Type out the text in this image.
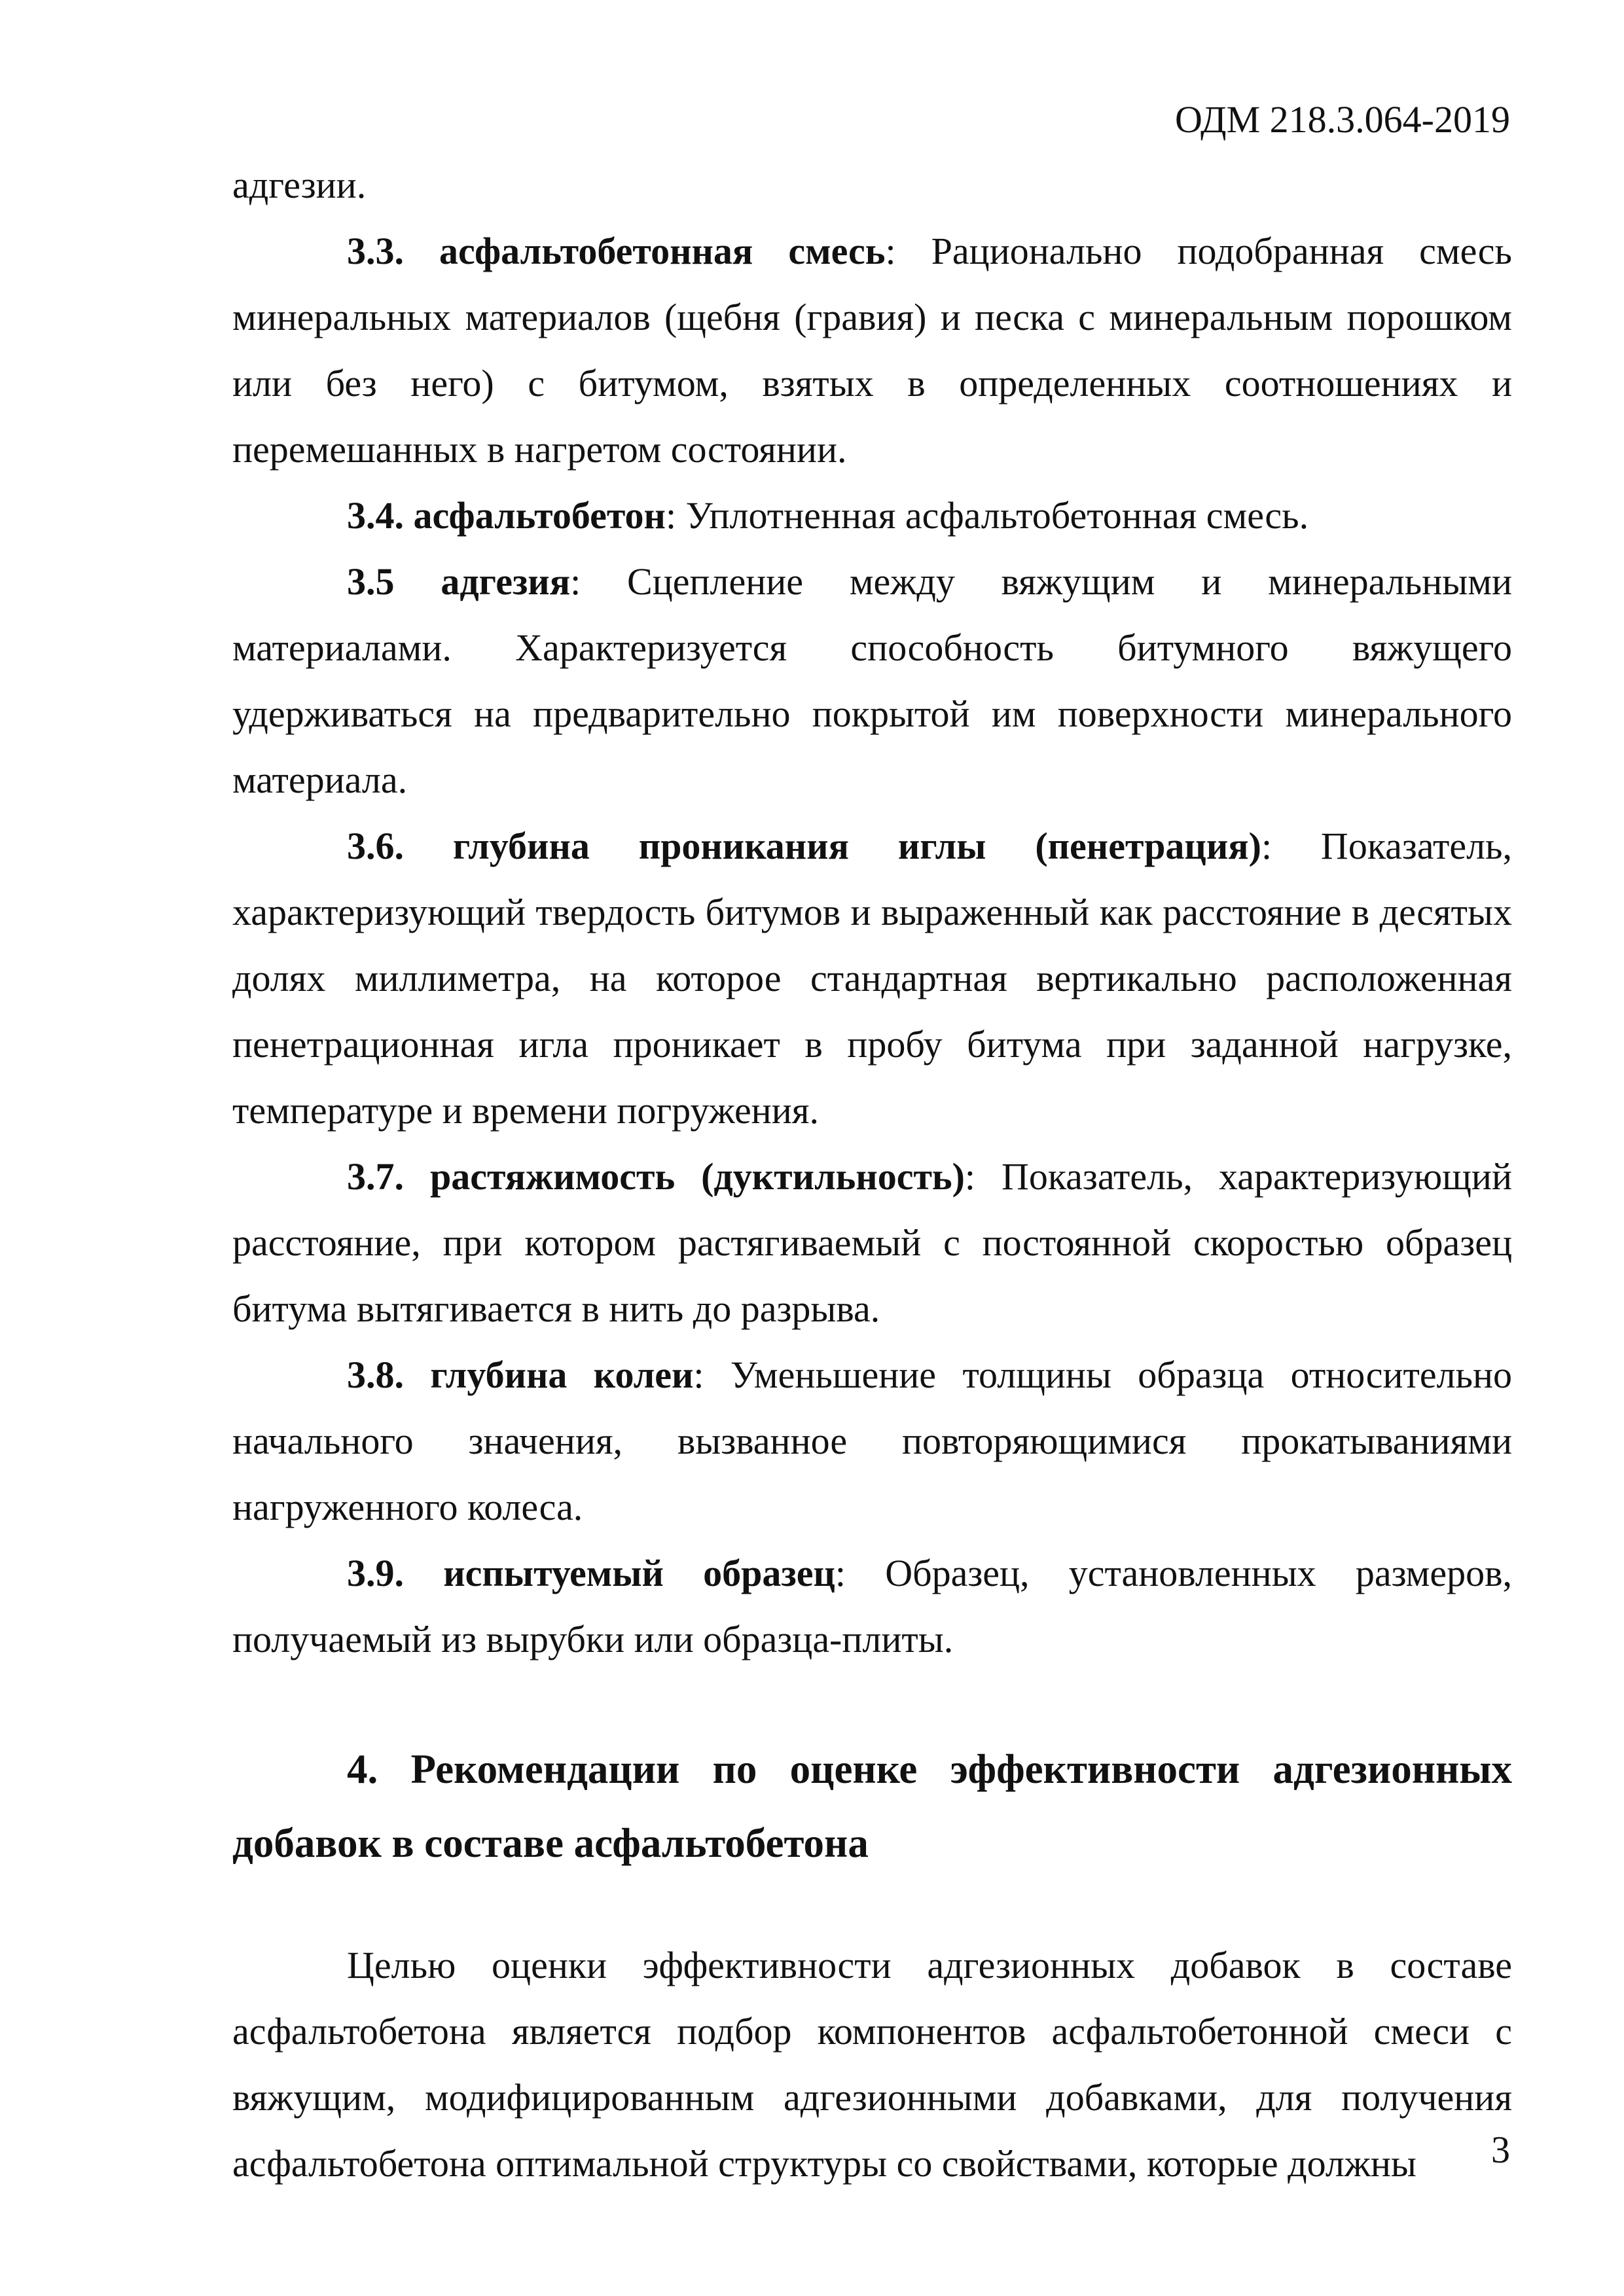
ОДМ 218.3.064-2019

адгезии.

3.3. асфальтобетонная смесь: Рационально подобранная смесь минеральных материалов (щебня (гравия) и песка с минеральным порошком или без него) с битумом, взятых в определенных соотношениях и перемешанных в нагретом состоянии.

3.4. асфальтобетон: Уплотненная асфальтобетонная смесь.

3.5 адгезия: Сцепление между вяжущим и минеральными материалами. Характеризуется способность битумного вяжущего удерживаться на предварительно покрытой им поверхности минерального материала.

3.6. глубина проникания иглы (пенетрация): Показатель, характеризующий твердость битумов и выраженный как расстояние в десятых долях миллиметра, на которое стандартная вертикально расположенная пенетрационная игла проникает в пробу битума при заданной нагрузке, температуре и времени погружения.

3.7. растяжимость (дуктильность): Показатель, характеризующий расстояние, при котором растягиваемый с постоянной скоростью образец битума вытягивается в нить до разрыва.

3.8. глубина колеи: Уменьшение толщины образца относительно начального значения, вызванное повторяющимися прокатываниями нагруженного колеса.

3.9. испытуемый образец: Образец, установленных размеров, получаемый из вырубки или образца-плиты.

4. Рекомендации по оценке эффективности адгезионных добавок в составе асфальтобетона

Целью оценки эффективности адгезионных добавок в составе асфальтобетона является подбор компонентов асфальтобетонной смеси с вяжущим, модифицированным адгезионными добавками, для получения асфальтобетона оптимальной структуры со свойствами, которые должны	3
